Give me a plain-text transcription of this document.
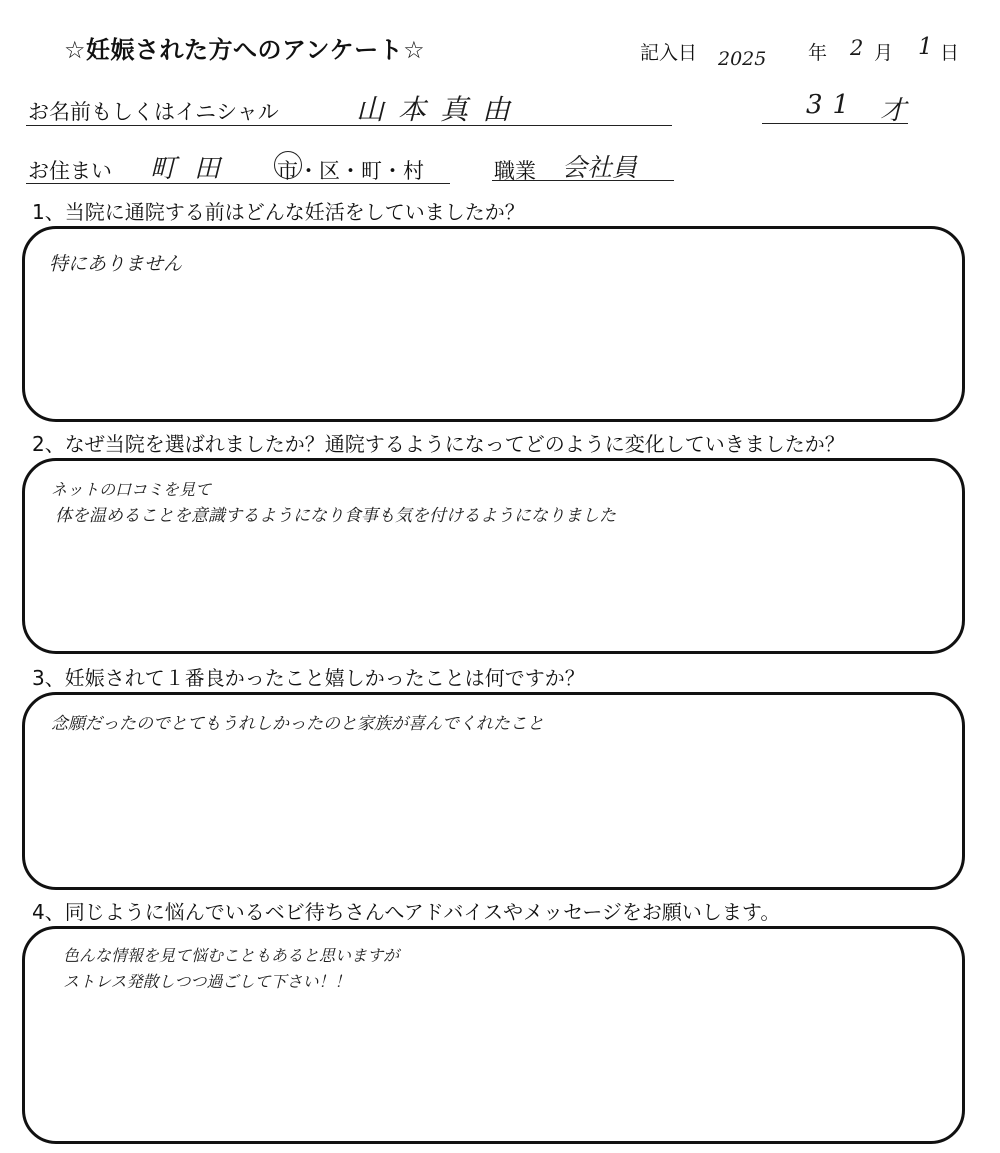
☆妊娠された方へのアンケート☆	記入日 2025 年 2 月 1 日
お名前もしくはイニシャル	山本真由	31 才
お住まい 町田 市・区・町・村	職業 会社員
1、当院に通院する前はどんな妊活をしていましたか？
特にありません
2、なぜ当院を選ばれましたか？通院するようになってどのように変化していきましたか？
ネットの口コミを見て
体を温めることを意識するようになり食事も気を付けるようになりました
3、妊娠されて１番良かったこと嬉しかったことは何ですか？
念願だったのでとてもうれしかったのと家族が喜んでくれたこと
4、同じように悩んでいるベビ待ちさんへアドバイスやメッセージをお願いします。
色んな情報を見て悩むこともあると思いますが
ストレス発散しつつ過ごして下さい！！
